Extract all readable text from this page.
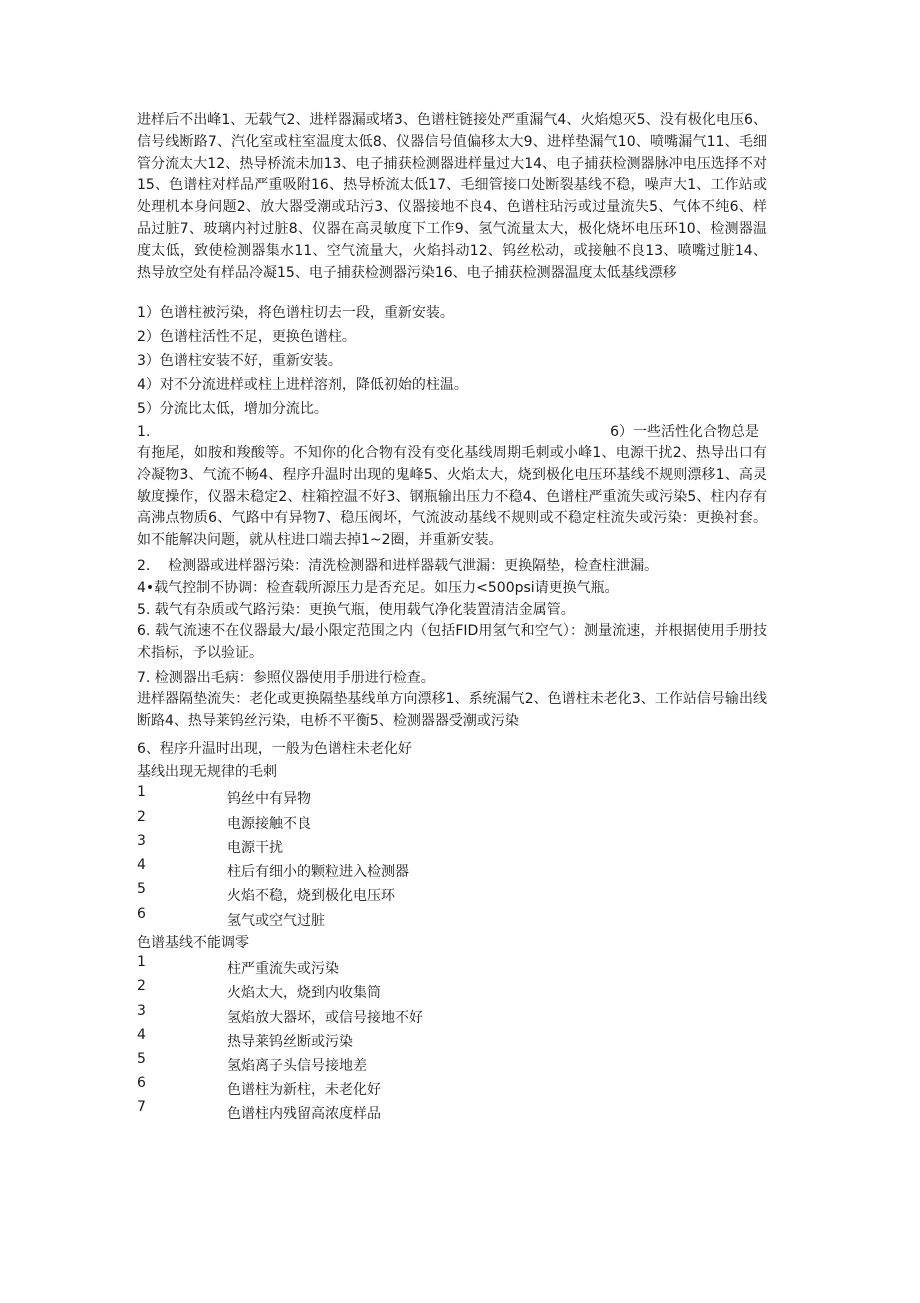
进样后不出峰1、无载气2、进样器漏或堵3、色谱柱链接处严重漏气4、火焰熄灭5、没有极化电压6、信号线断路7、汽化室或柱室温度太低8、仪器信号值偏移太大9、进样垫漏气10、喷嘴漏气11、毛细管分流太大12、热导桥流未加13、电子捕获检测器进样量过大14、电子捕获检测器脉冲电压选择不对15、色谱柱对样品严重吸附16、热导桥流太低17、毛细管接口处断裂基线不稳，噪声大1、工作站或处理机本身问题2、放大器受潮或玷污3、仪器接地不良4、色谱柱玷污或过量流失5、气体不纯6、样品过脏7、玻璃内衬过脏8、仪器在高灵敏度下工作9、氢气流量太大，极化烧坏电压环10、检测器温度太低，致使检测器集水11、空气流量大，火焰抖动12、钨丝松动，或接触不良13、喷嘴过脏14、热导放空处有样品冷凝15、电子捕获检测器污染16、电子捕获检测器温度太低基线漂移

1）色谱柱被污染，将色谱柱切去一段，重新安装。

2）色谱柱活性不足，更换色谱柱。

3）色谱柱安装不好，重新安装。

4）对不分流进样或柱上进样溶剂，降低初始的柱温。

5）分流比太低，增加分流比。

1.	6）一些活性化合物总是

有拖尾，如胺和羧酸等。不知你的化合物有没有变化基线周期毛刺或小峰1、电源干扰2、热导出口有冷凝物3、气流不畅4、程序升温时出现的鬼峰5、火焰太大，烧到极化电压环基线不规则漂移1、高灵敏度操作，仪器未稳定2、柱箱控温不好3、钢瓶输出压力不稳4、色谱柱严重流失或污染5、柱内存有高沸点物质6、气路中有异物7、稳压阀坏，气流波动基线不规则或不稳定柱流失或污染：更换衬套。如不能解决问题，就从柱进口端去掉1~2圈，并重新安装。

2.    检测器或进样器污染：清洗检测器和进样器载气泄漏：更换隔垫，检查柱泄漏。

4•载气控制不协调：检查载所源压力是否充足。如压力<500psi请更换气瓶。

5. 载气有杂质或气路污染：更换气瓶，使用载气净化装置清洁金属管。

6. 载气流速不在仪器最大/最小限定范围之内（包括FID用氢气和空气）：测量流速，并根据使用手册技术指标，予以验证。

7. 检测器出毛病：参照仪器使用手册进行检查。

进样器隔垫流失：老化或更换隔垫基线单方向漂移1、系统漏气2、色谱柱未老化3、工作站信号输出线断路4、热导莱钨丝污染，电桥不平衡5、检测器器受潮或污染

6、程序升温时出现，一般为色谱柱未老化好

基线出现无规律的毛刺

1	钨丝中有异物
2	电源接触不良
3	电源干扰
4	柱后有细小的颗粒进入检测器
5	火焰不稳，烧到极化电压环
6	氢气或空气过脏

色谱基线不能调零

1	柱严重流失或污染
2	火焰太大，烧到内收集筒
3	氢焰放大器坏，或信号接地不好
4	热导莱钨丝断或污染
5	氢焰离子头信号接地差
6	色谱柱为新柱，未老化好
7	色谱柱内残留高浓度样品
